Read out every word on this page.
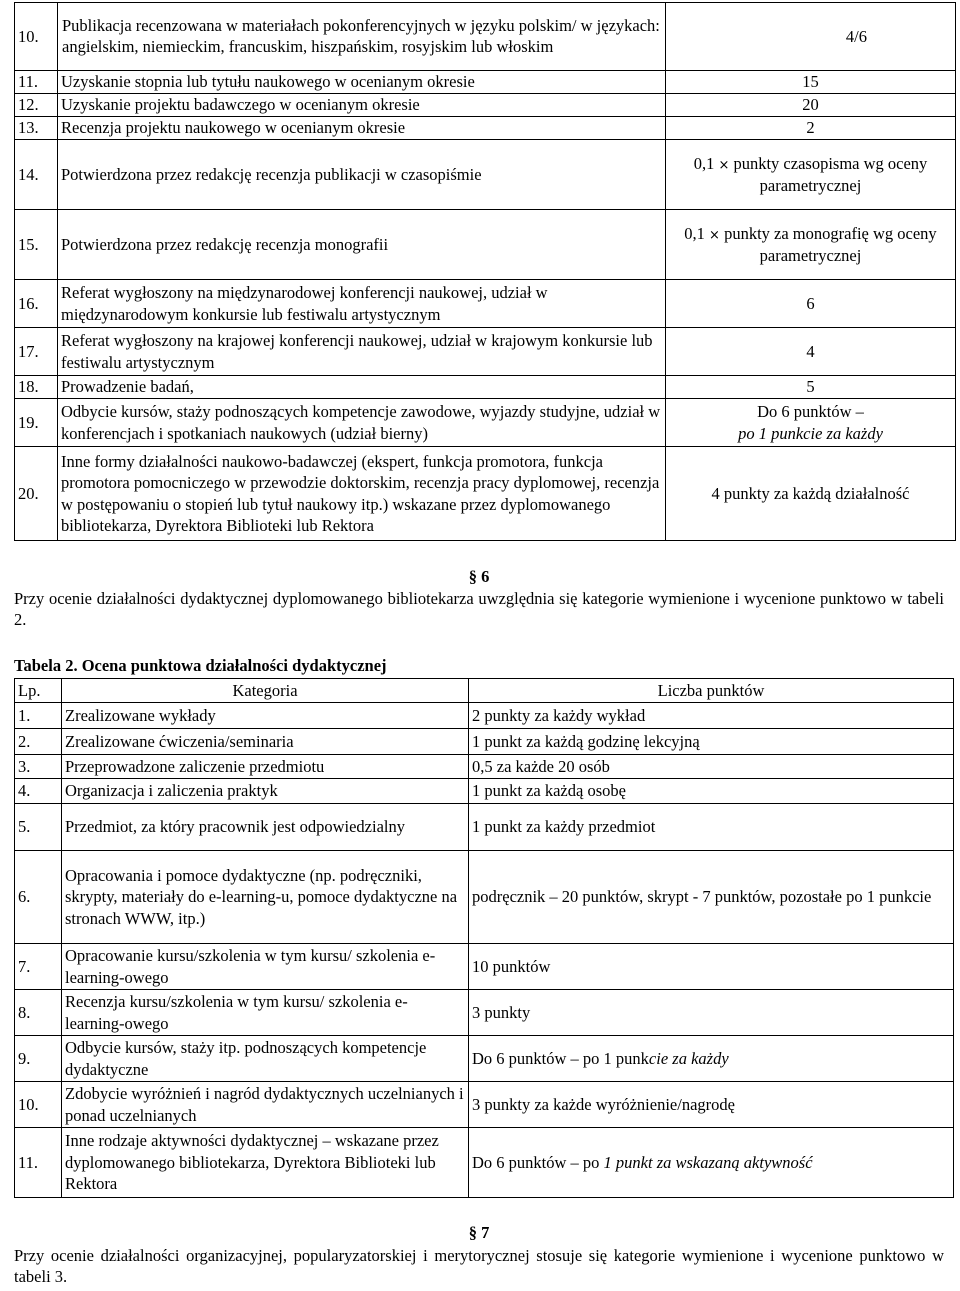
10.	Publikacja recenzowana w materiałach pokonferencyjnych w języku polskim/ w językach: angielskim, niemieckim, francuskim, hiszpańskim, rosyjskim lub włoskim	4/6
11.	Uzyskanie stopnia lub tytułu naukowego w ocenianym okresie	15
12.	Uzyskanie projektu badawczego w ocenianym okresie	20
13.	Recenzja projektu naukowego w ocenianym okresie	2
14.	Potwierdzona przez redakcję recenzja publikacji w czasopiśmie	0,1 × punkty czasopisma wg oceny parametrycznej
15.	Potwierdzona przez redakcję recenzja monografii	0,1 × punkty za monografię wg oceny parametrycznej
16.	Referat wygłoszony na międzynarodowej konferencji naukowej, udział w międzynarodowym konkursie lub festiwalu artystycznym	6
17.	Referat wygłoszony na krajowej konferencji naukowej, udział w krajowym konkursie lub festiwalu artystycznym	4
18.	Prowadzenie badań,	5
19.	Odbycie kursów, staży podnoszących kompetencje zawodowe, wyjazdy studyjne, udział w konferencjach i spotkaniach naukowych (udział bierny)	Do 6 punktów –
po 1 punkcie za każdy

20.	Inne formy działalności naukowo-badawczej (ekspert, funkcja promotora, funkcja promotora pomocniczego w przewodzie doktorskim, recenzja pracy dyplomowej, recenzja w postępowaniu o stopień lub tytuł naukowy itp.) wskazane przez dyplomowanego bibliotekarza, Dyrektora Biblioteki lub Rektora	4 punkty za każdą działalność
§ 6
Przy ocenie działalności dydaktycznej dyplomowanego bibliotekarza uwzględnia się kategorie wymienione i wycenione punktowo w tabeli 2.
Tabela 2. Ocena punktowa działalności dydaktycznej
Lp.	Kategoria	Liczba punktów
1.	Zrealizowane wykłady	2 punkty za każdy wykład
2.	Zrealizowane ćwiczenia/seminaria	1 punkt za każdą godzinę lekcyjną
3.	Przeprowadzone zaliczenie przedmiotu	0,5 za każde 20 osób
4.	Organizacja i zaliczenia praktyk	1 punkt za każdą osobę
5.	Przedmiot, za który pracownik jest odpowiedzialny	1 punkt za każdy przedmiot
6.	Opracowania i pomoce dydaktyczne (np. podręczniki, skrypty, materiały do e-learning-u, pomoce dydaktyczne na stronach WWW, itp.)	podręcznik – 20 punktów, skrypt - 7 punktów, pozostałe po 1 punkcie
7.	Opracowanie kursu/szkolenia w tym kursu/ szkolenia e-learning-owego	10 punktów
8.	Recenzja kursu/szkolenia w tym kursu/ szkolenia e-learning-owego	3 punkty
9.	Odbycie kursów, staży itp. podnoszących kompetencje dydaktyczne	Do 6 punktów – po 1 punkcie za każdy
10.	Zdobycie wyróżnień i nagród dydaktycznych uczelnianych i ponad uczelnianych	3 punkty za każde wyróżnienie/nagrodę
11.	Inne rodzaje aktywności dydaktycznej – wskazane przez dyplomowanego bibliotekarza, Dyrektora Biblioteki lub Rektora	Do 6 punktów – po 1 punkt za wskazaną aktywność
§ 7
Przy ocenie działalności organizacyjnej, popularyzatorskiej i merytorycznej stosuje się kategorie wymienione i wycenione punktowo w tabeli 3.
